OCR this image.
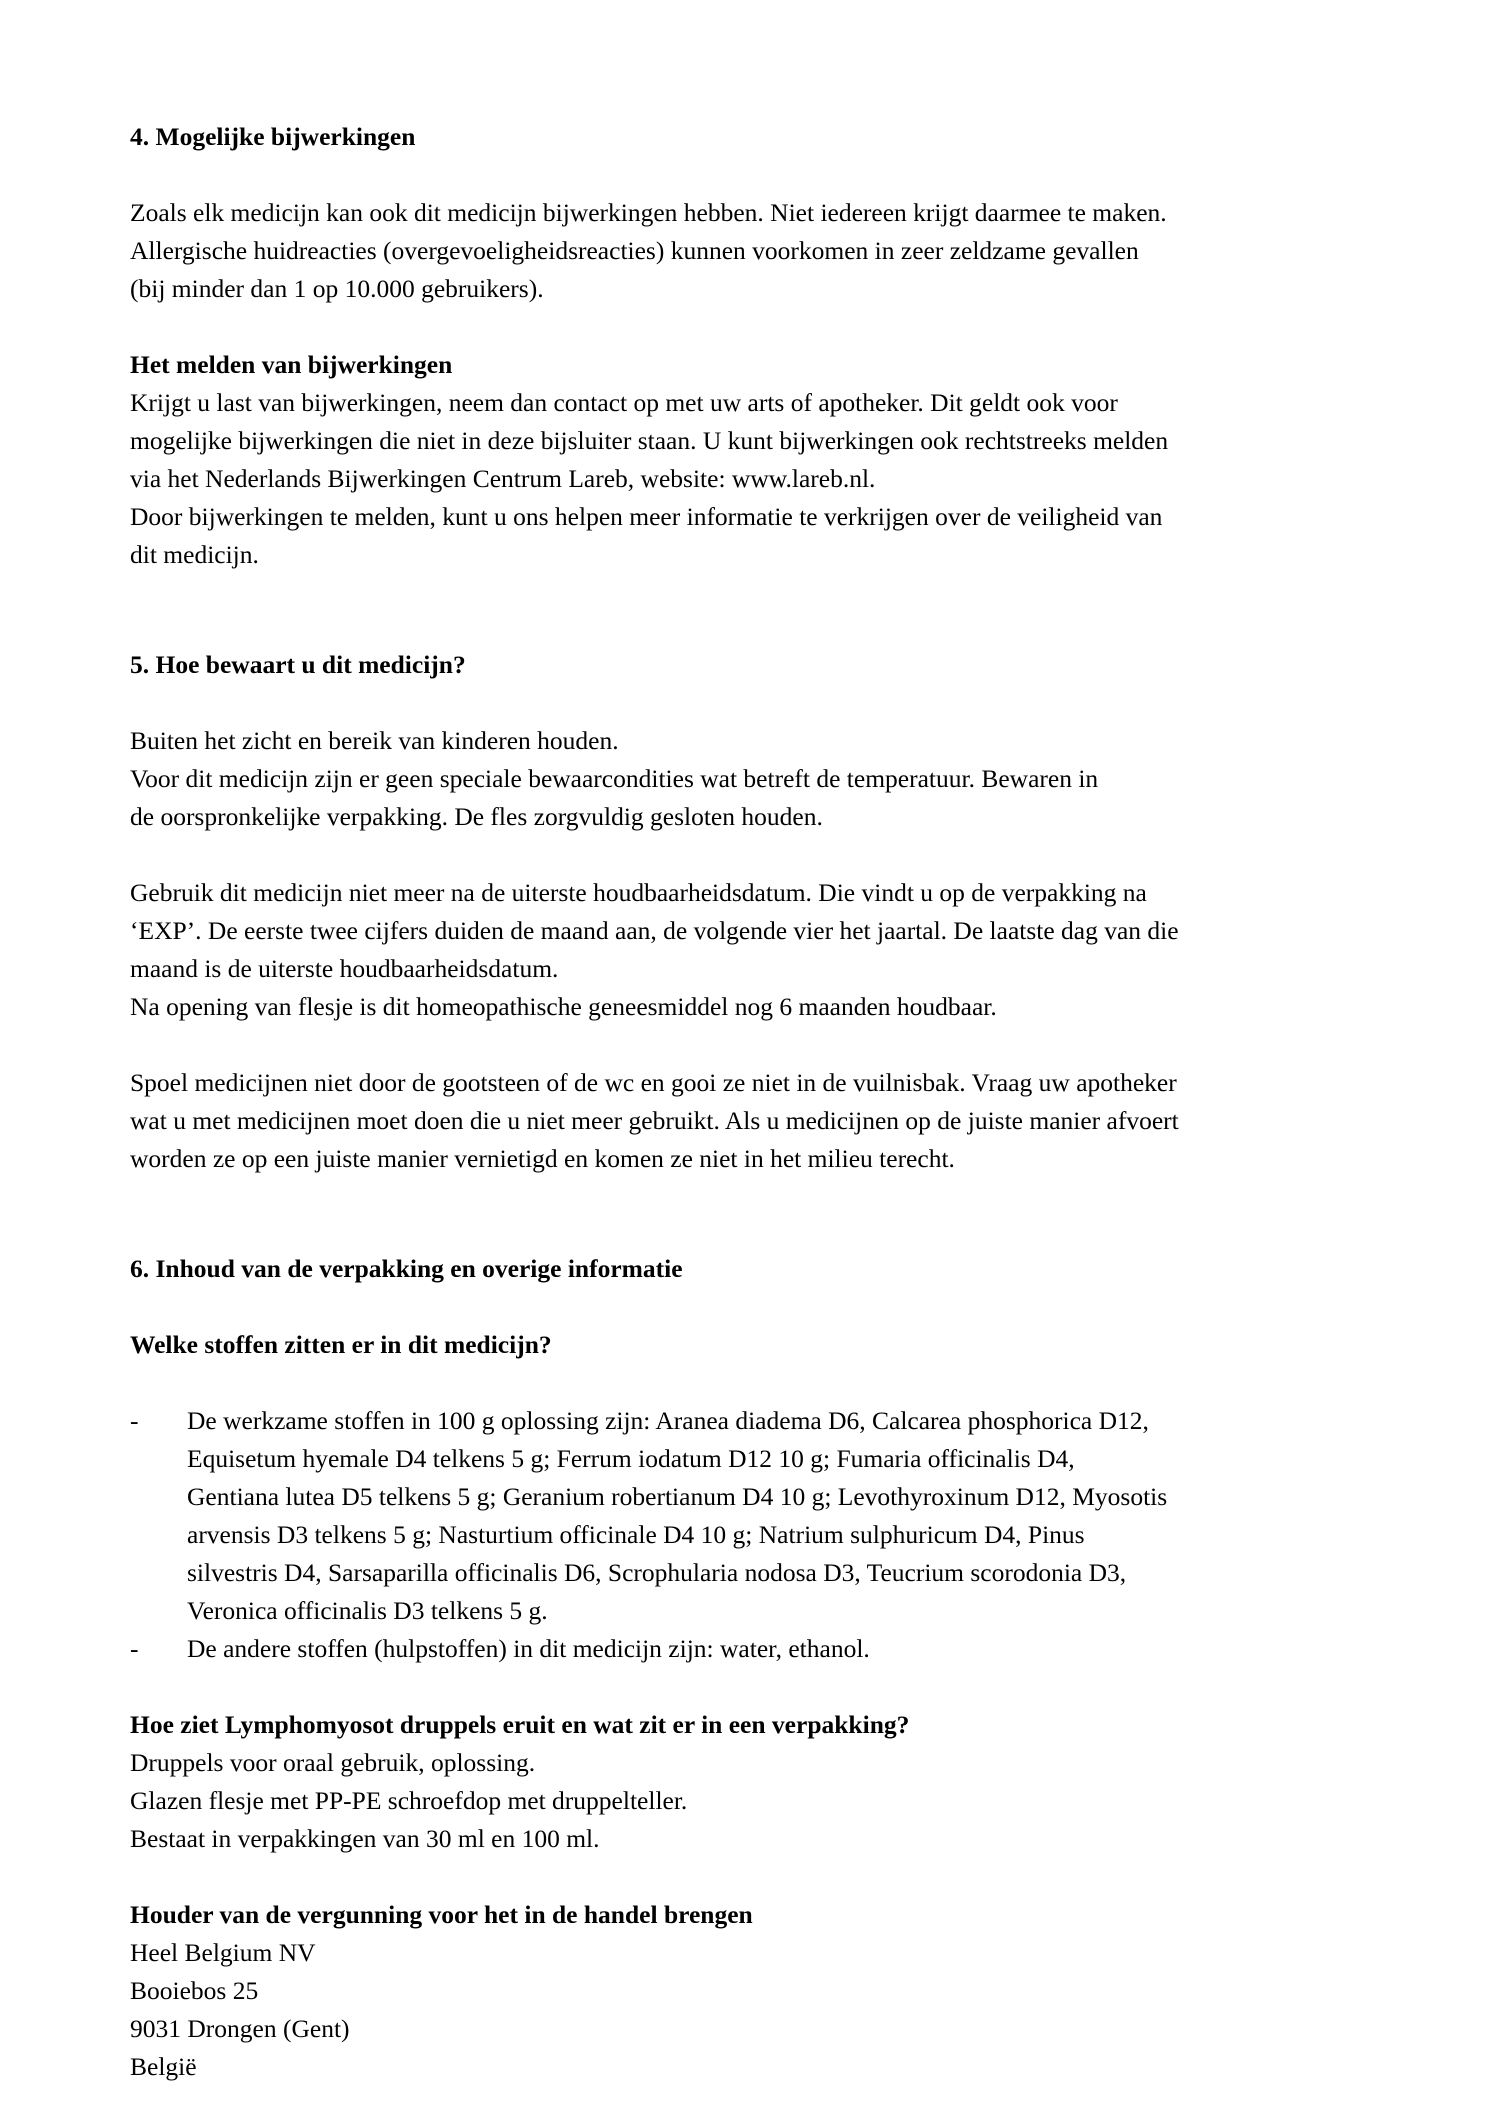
4. Mogelijke bijwerkingen

Zoals elk medicijn kan ook dit medicijn bijwerkingen hebben. Niet iedereen krijgt daarmee te maken.

Allergische huidreacties (overgevoeligheidsreacties) kunnen voorkomen in zeer zeldzame gevallen

(bij minder dan 1 op 10.000 gebruikers).

Het melden van bijwerkingen

Krijgt u last van bijwerkingen, neem dan contact op met uw arts of apotheker. Dit geldt ook voor

mogelijke bijwerkingen die niet in deze bijsluiter staan. U kunt bijwerkingen ook rechtstreeks melden

via het Nederlands Bijwerkingen Centrum Lareb, website: www.lareb.nl.

Door bijwerkingen te melden, kunt u ons helpen meer informatie te verkrijgen over de veiligheid van

dit medicijn.

5. Hoe bewaart u dit medicijn?

Buiten het zicht en bereik van kinderen houden.

Voor dit medicijn zijn er geen speciale bewaarcondities wat betreft de temperatuur. Bewaren in

de oorspronkelijke verpakking. De fles zorgvuldig gesloten houden.

Gebruik dit medicijn niet meer na de uiterste houdbaarheidsdatum. Die vindt u op de verpakking na

‘EXP’. De eerste twee cijfers duiden de maand aan, de volgende vier het jaartal. De laatste dag van die

maand is de uiterste houdbaarheidsdatum.

Na opening van flesje is dit homeopathische geneesmiddel nog 6 maanden houdbaar.

Spoel medicijnen niet door de gootsteen of de wc en gooi ze niet in de vuilnisbak. Vraag uw apotheker

wat u met medicijnen moet doen die u niet meer gebruikt. Als u medicijnen op de juiste manier afvoert

worden ze op een juiste manier vernietigd en komen ze niet in het milieu terecht.

6. Inhoud van de verpakking en overige informatie
Welke stoffen zitten er in dit medicijn?
- De werkzame stoffen in 100 g oplossing zijn: Aranea diadema D6, Calcarea phosphorica D12,
Equisetum hyemale D4 telkens 5 g; Ferrum iodatum D12 10 g; Fumaria officinalis D4,
Gentiana lutea D5 telkens 5 g; Geranium robertianum D4 10 g; Levothyroxinum D12, Myosotis
arvensis D3 telkens 5 g; Nasturtium officinale D4 10 g; Natrium sulphuricum D4, Pinus
silvestris D4, Sarsaparilla officinalis D6, Scrophularia nodosa D3, Teucrium scorodonia D3,
Veronica officinalis D3 telkens 5 g.
- De andere stoffen (hulpstoffen) in dit medicijn zijn: water, ethanol.
Hoe ziet Lymphomyosot druppels eruit en wat zit er in een verpakking?

Druppels voor oraal gebruik, oplossing.

Glazen flesje met PP-PE schroefdop met druppelteller.

Bestaat in verpakkingen van 30 ml en 100 ml.

Houder van de vergunning voor het in de handel brengen

Heel Belgium NV

Booiebos 25

9031 Drongen (Gent)

België
